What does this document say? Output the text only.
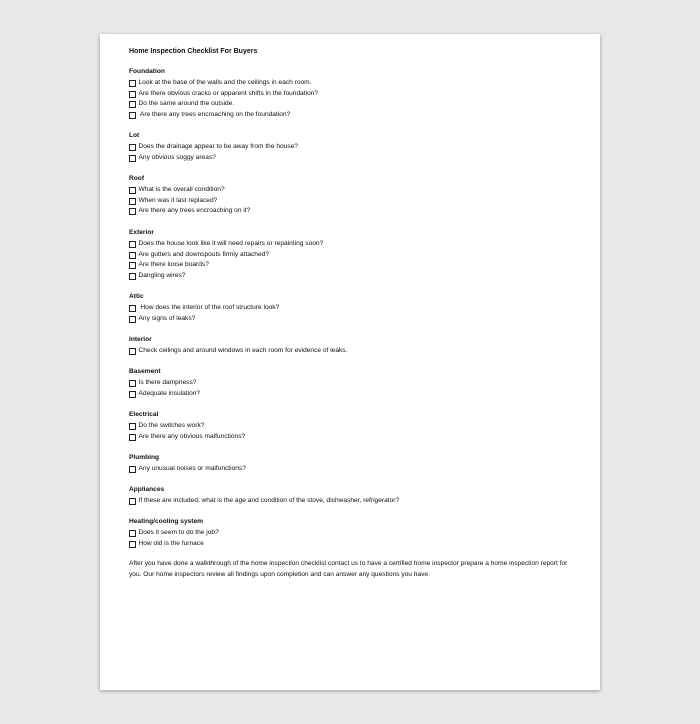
Home Inspection Checklist For Buyers
Foundation
Look at the base of the walls and the ceilings in each room.
Are there obvious cracks or apparent shifts in the foundation?
Do the same around the outside.
Are there any trees encroaching on the foundation?
Lot
Does the drainage appear to be away from the house?
Any obvious soggy areas?
Roof
What is the overall condition?
When was it last replaced?
Are there any trees encroaching on it?
Exterior
Does the house look like it will need repairs or repainting soon?
Are gutters and downspouts firmly attached?
Are there loose boards?
Dangling wires?
Attic
How does the interior of the roof structure look?
Any signs of leaks?
Interior
Check ceilings and around windows in each room for evidence of leaks.
Basement
Is there dampness?
Adequate insulation?
Electrical
Do the switches work?
Are there any obvious malfunctions?
Plumbing
Any unusual noises or malfunctions?
Appliances
If these are included, what is the age and condition of the stove, dishwasher, refrigerator?
Heating/cooling system
Does it seem to do the job?
How old is the furnace
After you have done a walkthrough of the home inspection checklist contact us to have a certified home inspector prepare a home inspection report for you. Our home inspectors review all findings upon completion and can answer any questions you have.
